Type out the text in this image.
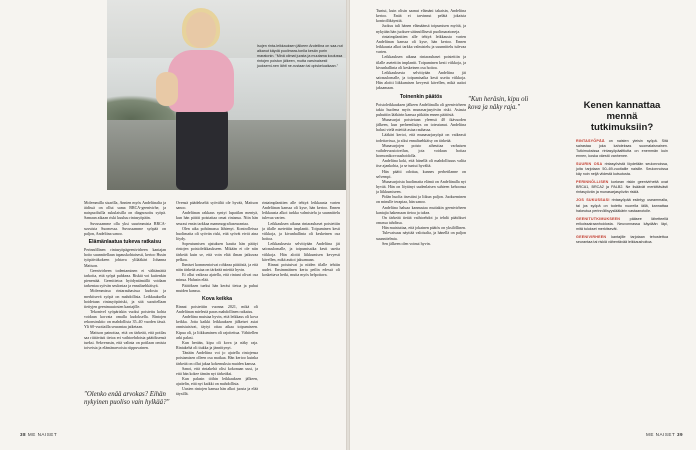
Isojen rinta-leikkauksen jälkeen Andeliina on saa-nut alkanut käydä puolimara-tonlla kesän porin maratonin. "Minä olimat juosta ja muutama koulussa rintojen poiston jälkeen, mutta varsinaisesti juoksemi-nen lähti ne-rustaan tai opiskeluaikaan."

Molemmilla sisarilla, Annien myös Andeliinalta ja äidissä on ollut sama BRCA-geenivirhe, ja naispuolisilla sukulaisilla on diagnosoitu syöpä. Samaan aikaan riski kuuluu rintasyöpään.

Suvussamme olla yksi suurimmista BRCA-suvuista Suomessa. Suvussamme syöpää on paljon, Andeliina sanoo.

Elämänlaatua tukeva ratkaisu

Perinnöllinen rintasyöpägeenivirheen kantajan hoito suunnitellaan tapauskohtaisesti, kertoo Husin työpäiväkokeen johtava ylilääkäri Johanna Mattson.

Geenivirheen todentaminen ei välttämättä tarkoita, että syöpä puhkeaa. Riskiä voi kuitenkin pienentää. Geenitietoa hyödyntämällä voidaan tarkentaa syövän seulontaa ja ennaltaehkäisyä.

Molemmissa rintarauhasissa kudosta ja merkitsevä syöpä on mahdollista. Leikkauksella hoidetaan rintasyöpäriski, ja sitä suositellaan tiettyjen geenimuutosten kantajille.

Tekonivel syöpäriskin vuoksi poistettu kohta voidaan korvata omalla kudoksella. Rintojen rekonstruktio on mahdollista 35–40 vuoden iässä. Yli 60-vuotiailla seurantaa jatketaan.

Mattson painottaa, että on tärkeää, että potilas saa riittävästi tietoa eri vaihtoehdoista päätöksensä tueksi. Sekvenssin, että valinta on potilaan omista toiveista ja elämänarvoista riippuvainen.

"Olenko enää arvokas? Eihän nykyinen puoliso vain hylkää?"

Ovensä päädekseltä syövältä ole hyvää, Mattson sanoo.

Andeliinan rakkaus syntyi lupatilan mentyä, kun hän päätti poistattaa omat rintansa. Niin hän seurasi ensin tarkkaa mammografiaseurantaa.

Olen aika pohtimassa lähtenyt. Kontrolleissa huolimatta oli syövän riski, että syövät eivät aina löydy.

Sopeutumisen ajatuksen kautta hän päätyi rintojen poistoleikkaukseen. Mikään ei ole niin tärkeää kuin se, että voin elää ilman jatkuvaa pelkoa.

Ihmiset kommentoivat rohkeaa päätöstä, ja että näin tärkeää asiaa on tärkeää miettiä hyvin.

Ei ollut vaikeaa ajatella, että rintani olivat osa minua. Halusin elää.

Päätöksen tueksi hän keräsi tietoa ja puhui muiden kanssa.

Kova keikka

Rinnat poistettiin vuonna 2021, mikä oli Andeliinan mielestä paras mahdollinen ratkaisu.

Andeliina muistaa hyvin, että leikkaus oli kova keikka. Jotta kaikki leikkauksen jälkeiset asiat onnistuisivat, täytyi ottaa aikaa toipumiseen. Kipua oli, ja liikkuminen oli rajoitettua. Vähitellen arki palasi.

Kun herään, kipu oli kova ja näky raja. Rintakehä oli tiukka ja jännittynyt.

Tänään Andeliina voi jo ajatella rintojensa poistamisen olleen osa matkaa. Hän kertoo kuinka tärkeää on ollut jakaa kokemuksia muiden kanssa.

Sanoi, että rintakehä olisi kokonaan uusi, ja että hän kokee tämän nyt tärkeäksi.

Kun palasin töihin leikkauksen jälkeen, ajattelin, että nyt kaikki on mahdollista.

Uusien rintojen kanssa hän alkoi juosta ja elää täysillä.

rintaimplanttien alle tehtyä leikkausta varten Andeliinan kanssa oli kyse, hän kertoo. Ennen leikkausta alkoi tarkka valmistelu ja suunnittelu tulevaa varten.

Leikkauksen aikana rintarauhaset poistettiin ja tilalle asetettiin implantit. Toipuminen kesti viikkoja, ja kivunhallinta oli keskeinen osa hoitoa.

Leikkauksesta selvittyään Andeliina jäi sairauslomalle, ja toipumisaika kesti useita viikkoja. Hän aloitti liikkumisen kevyesti kävellen, mikä auttoi jaksamaan.

Rinnat poistuivat ja niiden tilalle tehtiin uudet. Ensimmäinen kerta peilin edessä oli koskettava hetki, mutta myös helpottava.

38 ME NAISET

Tuntui, kuin olisin saanut elämäni takaisin, Andeliina kertoo. Enää ei tarvinnut pelätä jokaista kontrollikäyntiä.

Juoksu tuli hänen elämäänsä toipumisen myötä, ja nykyään hän juoksee säännöllisesti puolimaratoneja.

rintaimplanttien alle tehtyä leikkausta varten Andeliinan kanssa oli kyse, hän kertoo. Ennen leikkausta alkoi tarkka valmistelu ja suunnittelu tulevaa varten.

Leikkauksen aikana rintarauhaset poistettiin ja tilalle asetettiin implantit. Toipuminen kesti viikkoja, ja kivunhallinta oli keskeinen osa hoitoa.

Leikkauksesta selvittyään Andeliina jäi sairauslomalle, ja toipumisaika kesti useita viikkoja. Hän aloitti liikkumisen kevyesti kävellen, mikä auttoi jaksamaan.

Toinenkin päätös

Poistoleikkauksen jälkeen Andeliinalla oli geenivirheen takia huolena myös munasarjasyövän riski. Asiasta puhuttiin lääkärin kanssa pitkään ennen päätöstä.

Munasarjat poistetaan yleensä 40 ikävuoden jälkeen, kun perheenlisäys on toteutunut. Andeliina halusi vielä miettiä asiaa rauhassa.

Lääkäri kertoi, että munasarjasyöpä on vaikeasti todettavissa, ja siksi ennaltaehkäisy on tärkeää.

Munasarjojen poisto aiheuttaa varhaisen vaihdevuosioireilun, jota voidaan hoitaa hormonikorvaushoidolla.

Andeliina koki, että hänellä oli mahdollisuus valita itse ajankohta, ja se tuntui hyvältä.

Hän päätti odottaa, kunnes perhetilanne on selvempi.

Munasarjoista huolimatta elämä on Andeliinalla nyt hyvää. Hän on löytänyt uudenlaisen suhteen kehoonsa ja liikkumiseen.

Pidän huolta itsestäni ja liikun paljon. Juokseminen on minulle terapiaa, hän sanoo.

Andeliina haluaa kannustaa muitakin geenivirheen kantajia hakemaan tietoa ja tukea.

On tärkeää tietää vaihtoehdot ja tehdä päätökset omassa tahdissa.

Hän muistuttaa, että jokainen päätös on yksilöllinen.

Tulevaisuus näyttää valoisalta, ja hänellä on paljon suunnitelmia.

Sen jälkeen olen voinut hyvin.

ME NAISET 39
"Kun heräsin, kipu oli kova ja näky raja."	Kenen kannattaa mennä tutkimuksiin?

RINTASYÖPÄÄ on naisten yleisin syöpä. Sitä sairastaa joka kahdeksas suomalaisnainen. Tutkimuksissa rintasyöpäalttiutta on enemmän kuin ennen, koska väestö vanhenee.

SUURIN OSA rintasyövistä löydetään seulonnoissa, joita tarjotaan 50–69-vuotiaille naisille. Seulonnoissa käy noin neljä viidestä kutsutusta.

PERINNÖLLISEN korkean riskin geenivirheitä ovat BRCA1, BRCA2 ja PALB2. Ne lisäävät merkittävästi rintasyövän ja munasarjasyövän riskiä.

JOS SUKUSSASI rintasyöpää esiintyy useammalla, tai jos syöpä on todettu nuorella iällä, kannattaa hakeutua perinnöllisyyslääkärin vastaanotolle.

GEENITUTKIMUKSEEN	pääsee lähetteellä erikoissairaanhoidosta. Neuvonnassa käydään läpi, mitä tulokset merkitsevät.

GEENIVIRHEEN kantajille tarjotaan tehostettua seurantaa tai riskiä vähentävää leikkaushoitoa.
